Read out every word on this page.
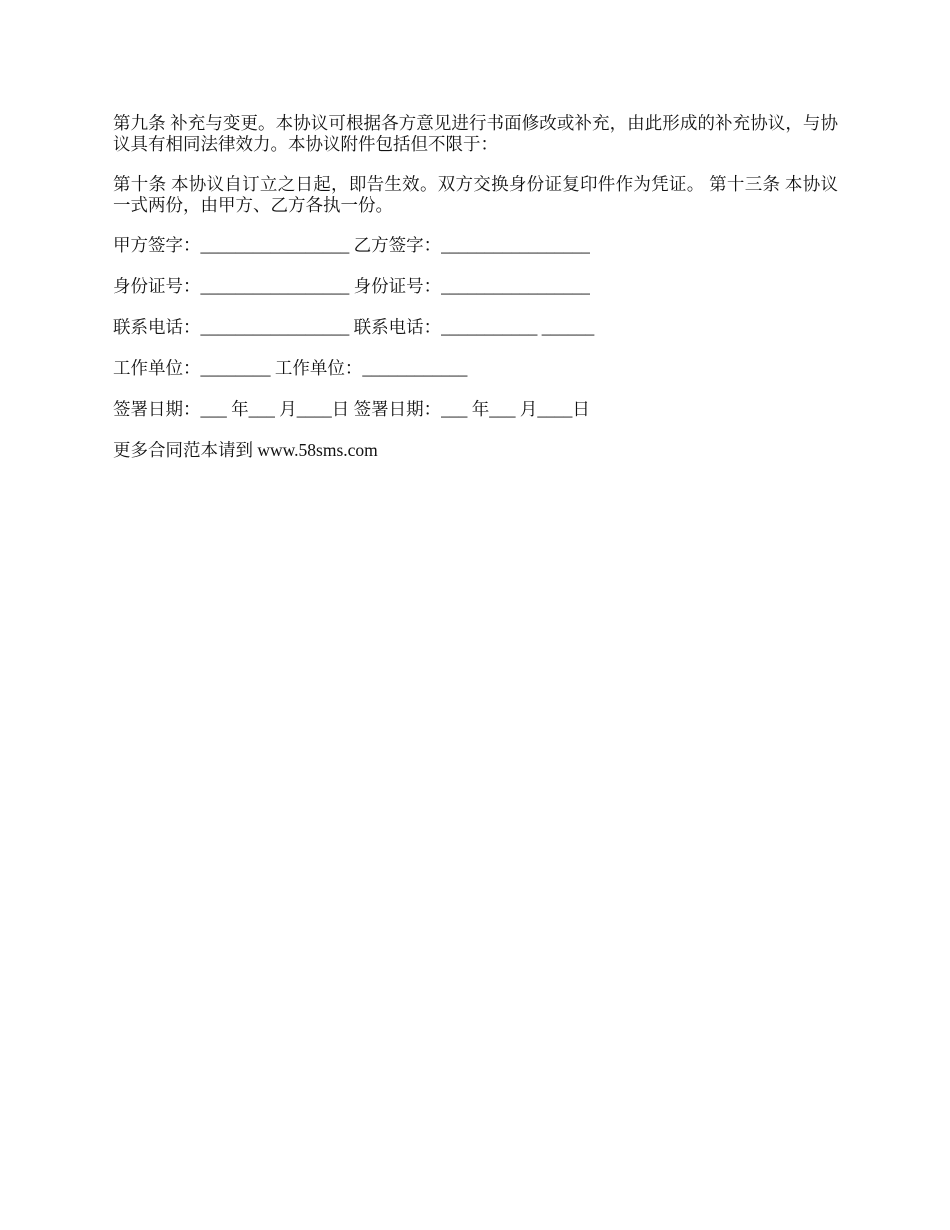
第九条 补充与变更。本协议可根据各方意见进行书面修改或补充，由此形成的补充协议，与协议具有相同法律效力。本协议附件包括但不限于：

第十条 本协议自订立之日起，即告生效。双方交换身份证复印件作为凭证。 第十三条 本协议一式两份，由甲方、乙方各执一份。

甲方签字：_________________ 乙方签字：_________________

身份证号：_________________ 身份证号：_________________

联系电话：_________________ 联系电话：___________ ______

工作单位：________ 工作单位：____________

签署日期：___ 年___ 月____日 签署日期：___ 年___ 月____日

更多合同范本请到 www.58sms.com
